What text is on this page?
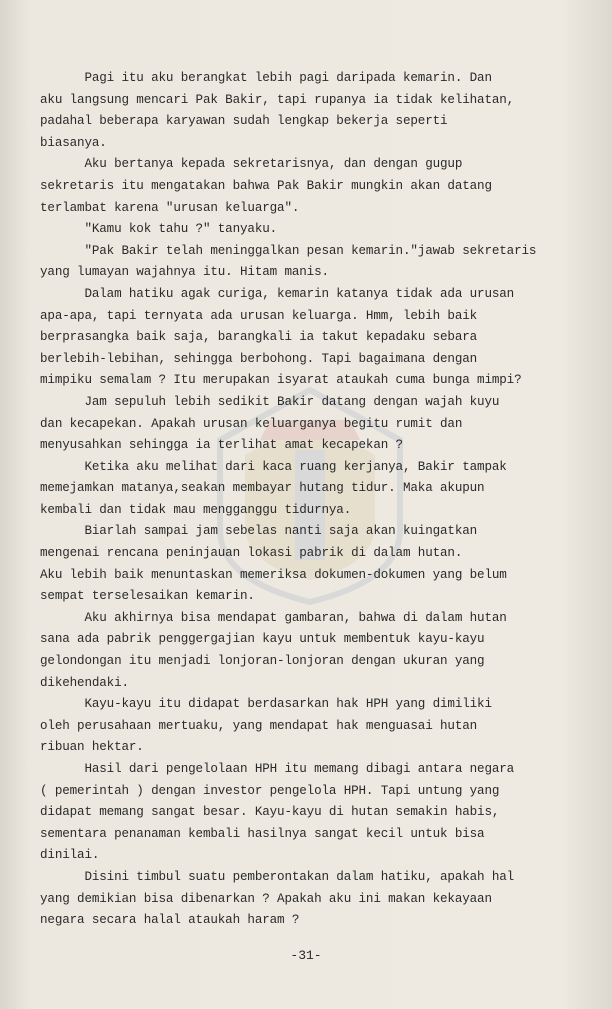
Pagi itu aku berangkat lebih pagi daripada kemarin. Dan

aku langsung mencari Pak Bakir, tapi rupanya ia tidak kelihatan,

padahal beberapa karyawan sudah lengkap bekerja seperti

biasanya.

Aku bertanya kepada sekretarisnya, dan dengan gugup

sekretaris itu mengatakan bahwa Pak Bakir mungkin akan datang

terlambat karena "urusan keluarga".

"Kamu kok tahu ?" tanyaku.

"Pak Bakir telah meninggalkan pesan kemarin."jawab sekretaris

yang lumayan wajahnya itu. Hitam manis.

Dalam hatiku agak curiga, kemarin katanya tidak ada urusan

apa-apa, tapi ternyata ada urusan keluarga. Hmm, lebih baik

berprasangka baik saja, barangkali ia takut kepadaku sebara

berlebih-lebihan, sehingga berbohong. Tapi bagaimana dengan

mimpiku semalam ? Itu merupakan isyarat ataukah cuma bunga mimpi?

Jam sepuluh lebih sedikit Bakir datang dengan wajah kuyu

dan kecapekan. Apakah urusan keluarganya begitu rumit dan

menyusahkan sehingga ia terlihat amat kecapekan ?

Ketika aku melihat dari kaca ruang kerjanya, Bakir tampak

memejamkan matanya,seakan membayar hutang tidur. Maka akupun

kembali dan tidak mau mengganggu tidurnya.

Biarlah sampai jam sebelas nanti saja akan kuingatkan

mengenai rencana peninjauan lokasi pabrik di dalam hutan.

Aku lebih baik menuntaskan memeriksa dokumen-dokumen yang belum

sempat terselesaikan kemarin.

Aku akhirnya bisa mendapat gambaran, bahwa di dalam hutan

sana ada pabrik penggergajian kayu untuk membentuk kayu-kayu

gelondongan itu menjadi lonjoran-lonjoran dengan ukuran yang

dikehendaki.

Kayu-kayu itu didapat berdasarkan hak HPH yang dimiliki

oleh perusahaan mertuaku, yang mendapat hak menguasai hutan

ribuan hektar.

Hasil dari pengelolaan HPH itu memang dibagi antara negara

( pemerintah ) dengan investor pengelola HPH. Tapi untung yang

didapat memang sangat besar. Kayu-kayu di hutan semakin habis,

sementara penanaman kembali hasilnya sangat kecil untuk bisa

dinilai.

Disini timbul suatu pemberontakan dalam hatiku, apakah hal

yang demikian bisa dibenarkan ? Apakah aku ini makan kekayaan

negara secara halal ataukah haram ?

-31-
